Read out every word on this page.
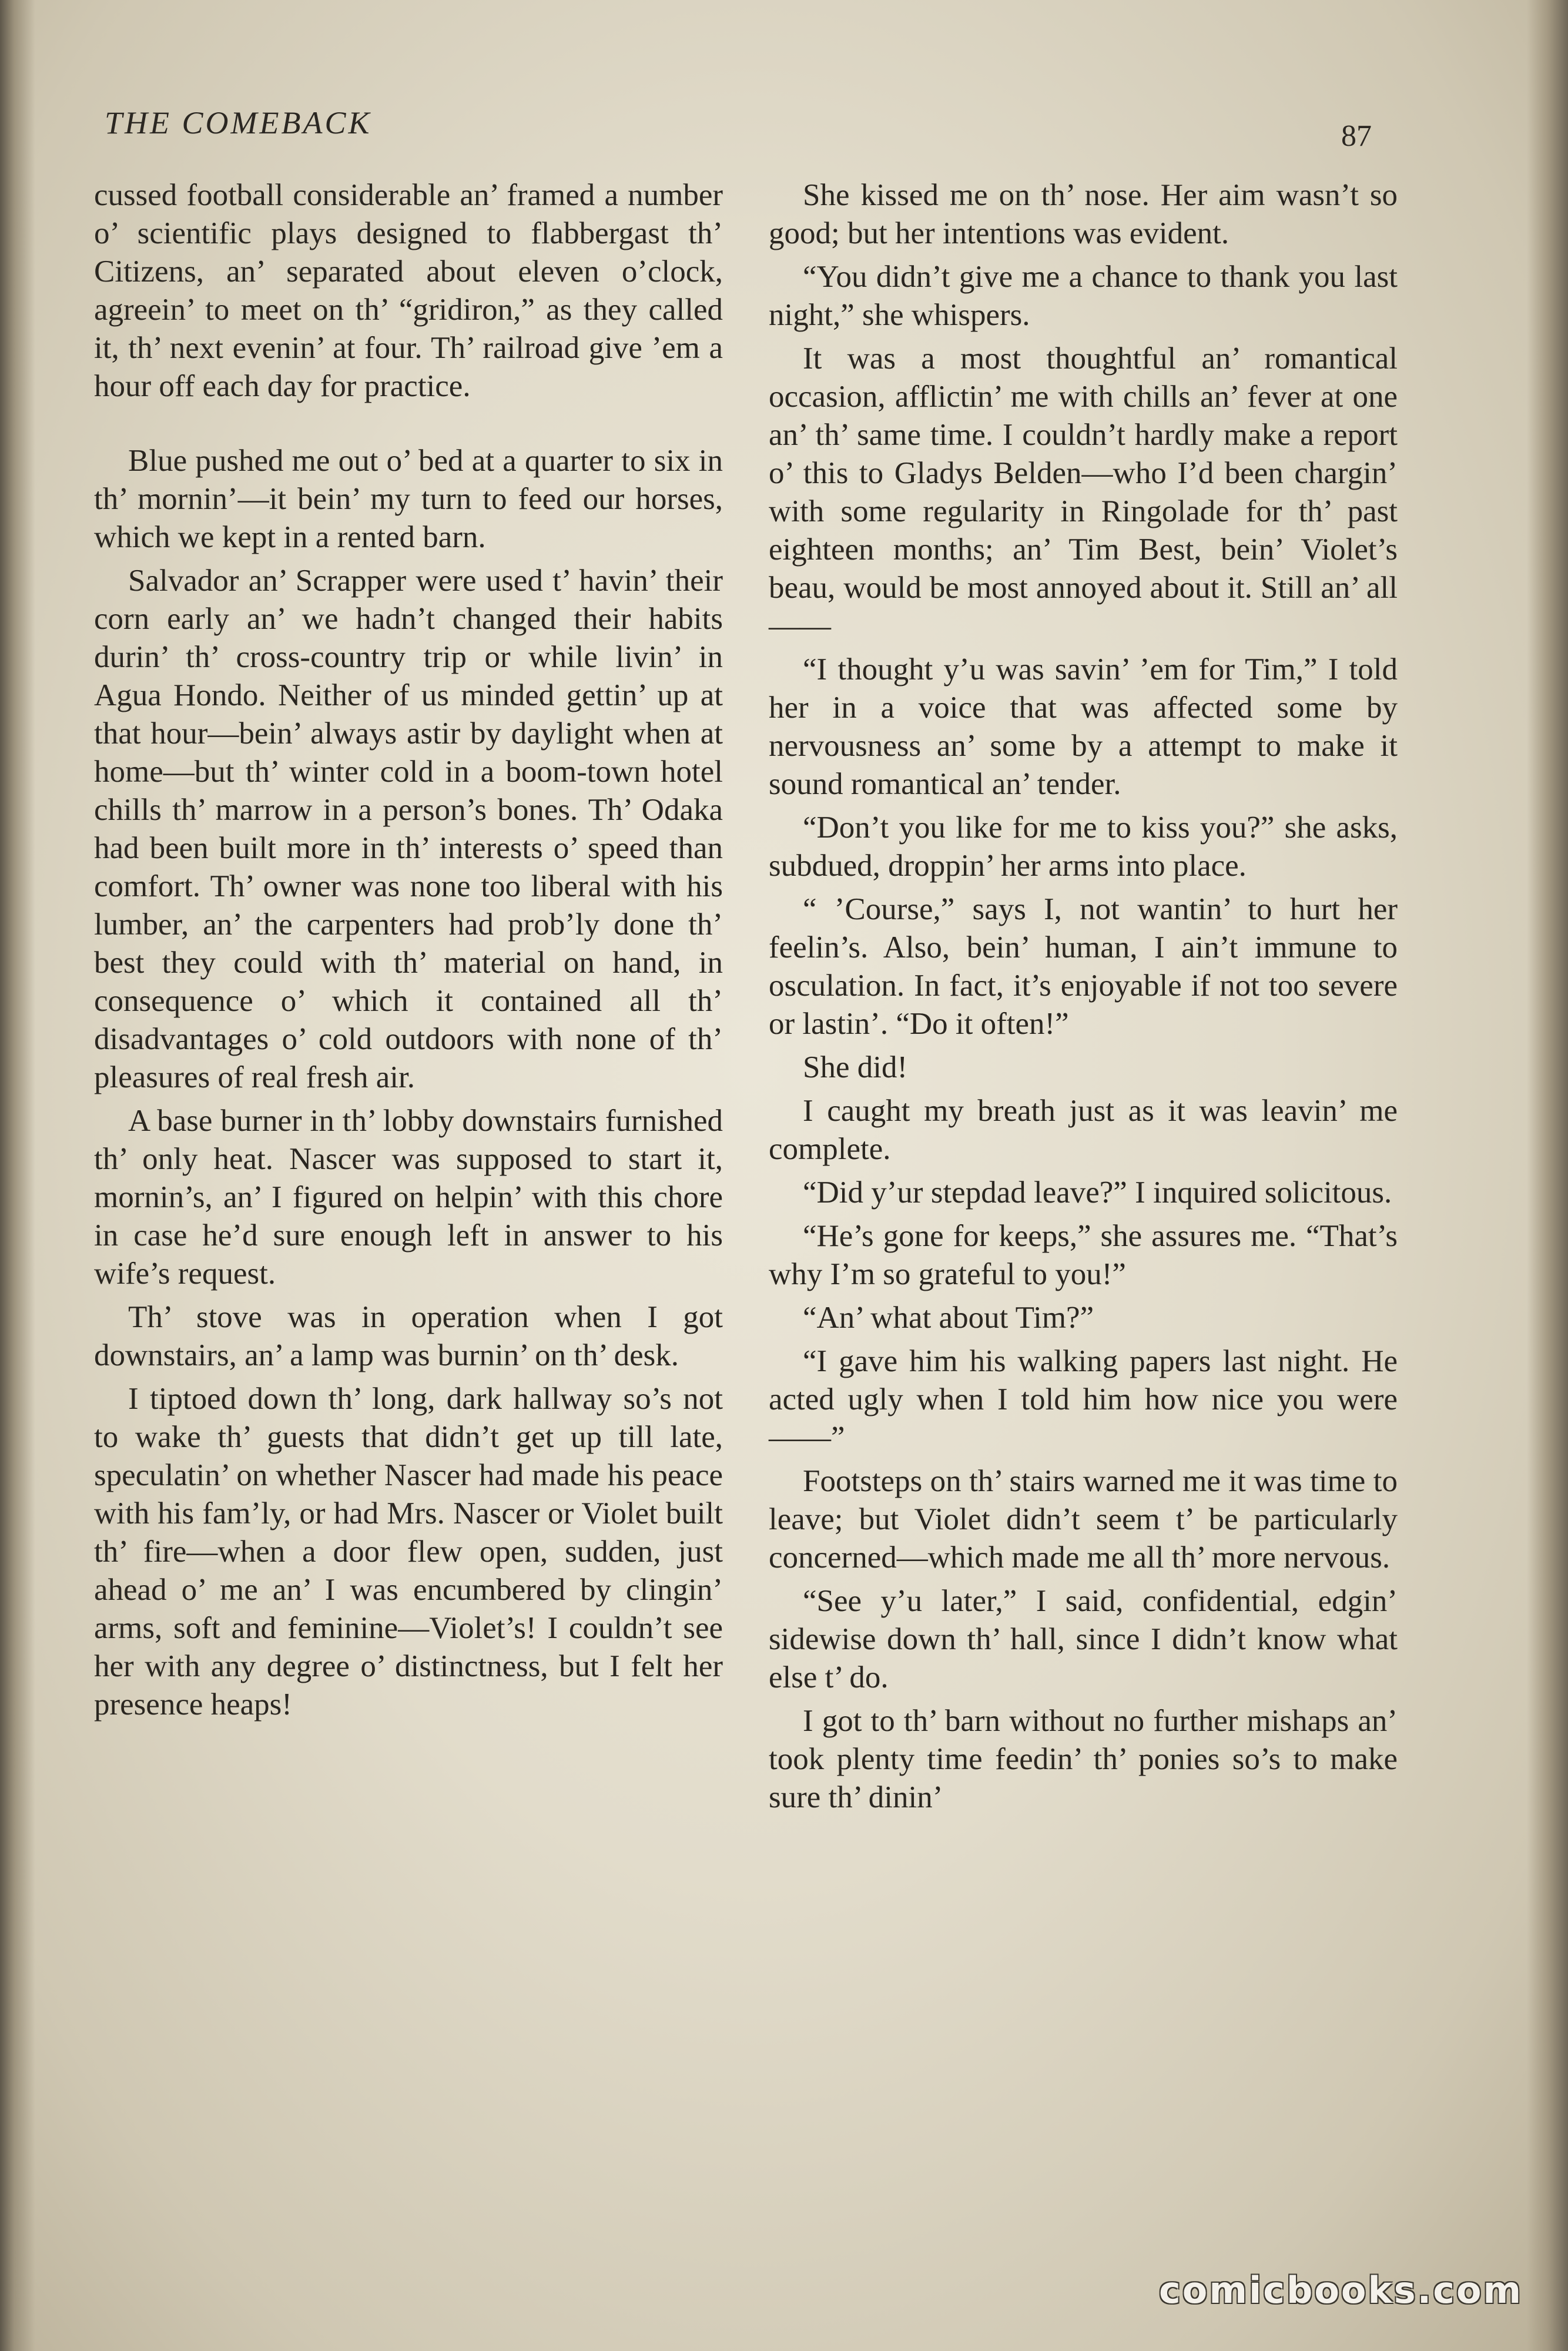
THE COMEBACK	87

cussed football considerable an’ framed a number o’ scientific plays designed to flabbergast th’ Citizens, an’ separated about eleven o’clock, agreein’ to meet on th’ “gridiron,” as they called it, th’ next evenin’ at four. Th’ railroad give ’em a hour off each day for practice.

Blue pushed me out o’ bed at a quarter to six in th’ mornin’—it bein’ my turn to feed our horses, which we kept in a rented barn.

Salvador an’ Scrapper were used t’ havin’ their corn early an’ we hadn’t changed their habits durin’ th’ cross-country trip or while livin’ in Agua Hondo. Neither of us minded gettin’ up at that hour—bein’ always astir by daylight when at home—but th’ winter cold in a boom-town hotel chills th’ marrow in a person’s bones. Th’ Odaka had been built more in th’ interests o’ speed than comfort. Th’ owner was none too liberal with his lumber, an’ the carpenters had prob’ly done th’ best they could with th’ material on hand, in consequence o’ which it contained all th’ disadvantages o’ cold outdoors with none of th’ pleasures of real fresh air.

A base burner in th’ lobby downstairs furnished th’ only heat. Nascer was supposed to start it, mornin’s, an’ I figured on helpin’ with this chore in case he’d sure enough left in answer to his wife’s request.

Th’ stove was in operation when I got downstairs, an’ a lamp was burnin’ on th’ desk.

I tiptoed down th’ long, dark hallway so’s not to wake th’ guests that didn’t get up till late, speculatin’ on whether Nascer had made his peace with his fam’ly, or had Mrs. Nascer or Violet built th’ fire—when a door flew open, sudden, just ahead o’ me an’ I was encumbered by clingin’ arms, soft and feminine—Violet’s! I couldn’t see her with any degree o’ distinctness, but I felt her presence heaps!

She kissed me on th’ nose. Her aim wasn’t so good; but her intentions was evident.

“You didn’t give me a chance to thank you last night,” she whispers.

It was a most thoughtful an’ romantical occasion, afflictin’ me with chills an’ fever at one an’ th’ same time. I couldn’t hardly make a report o’ this to Gladys Belden—who I’d been chargin’ with some regularity in Ringolade for th’ past eighteen months; an’ Tim Best, bein’ Violet’s beau, would be most annoyed about it. Still an’ all——

“I thought y’u was savin’ ’em for Tim,” I told her in a voice that was affected some by nervousness an’ some by a attempt to make it sound romantical an’ tender.

“Don’t you like for me to kiss you?” she asks, subdued, droppin’ her arms into place.

“ ’Course,” says I, not wantin’ to hurt her feelin’s. Also, bein’ human, I ain’t immune to osculation. In fact, it’s enjoyable if not too severe or lastin’. “Do it often!”

She did!

I caught my breath just as it was leavin’ me complete.

“Did y’ur stepdad leave?” I inquired solicitous.

“He’s gone for keeps,” she assures me. “That’s why I’m so grateful to you!”

“An’ what about Tim?”

“I gave him his walking papers last night. He acted ugly when I told him how nice you were——”

Footsteps on th’ stairs warned me it was time to leave; but Violet didn’t seem t’ be particularly concerned—which made me all th’ more nervous.

“See y’u later,” I said, confidential, edgin’ sidewise down th’ hall, since I didn’t know what else t’ do.

I got to th’ barn without no further mishaps an’ took plenty time feedin’ th’ ponies so’s to make sure th’ dinin’

comicbooks.com
